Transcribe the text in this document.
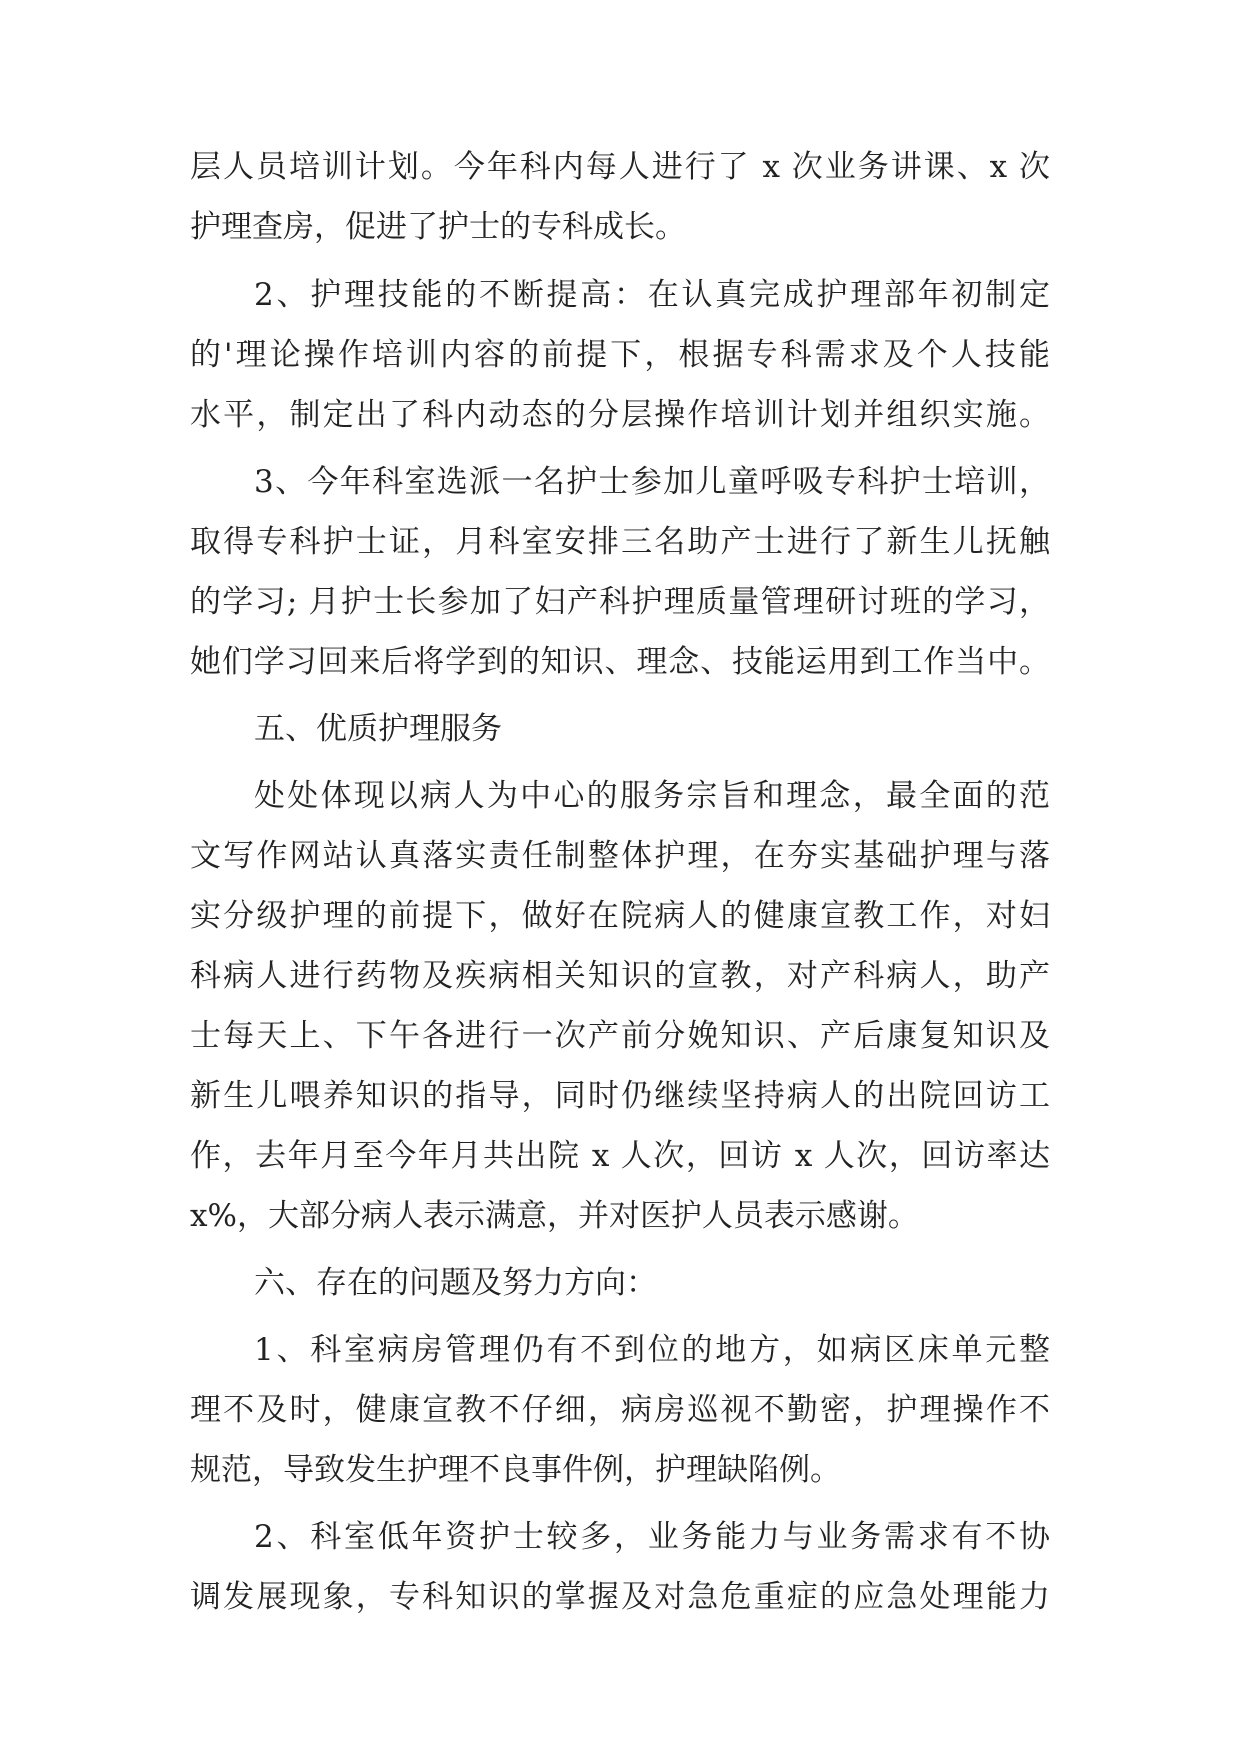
层人员培训计划。今年科内每人进行了 x 次业务讲课、x 次
护理查房，促进了护士的专科成长。
2、护理技能的不断提高：在认真完成护理部年初制定
的'理论操作培训内容的前提下，根据专科需求及个人技能
水平，制定出了科内动态的分层操作培训计划并组织实施。
3、今年科室选派一名护士参加儿童呼吸专科护士培训，
取得专科护士证，月科室安排三名助产士进行了新生儿抚触
的学习; 月护士长参加了妇产科护理质量管理研讨班的学习，
她们学习回来后将学到的知识、理念、技能运用到工作当中。
五、优质护理服务
处处体现以病人为中心的服务宗旨和理念，最全面的范
文写作网站认真落实责任制整体护理，在夯实基础护理与落
实分级护理的前提下，做好在院病人的健康宣教工作，对妇
科病人进行药物及疾病相关知识的宣教，对产科病人，助产
士每天上、下午各进行一次产前分娩知识、产后康复知识及
新生儿喂养知识的指导，同时仍继续坚持病人的出院回访工
作，去年月至今年月共出院 x 人次，回访 x 人次，回访率达
x%，大部分病人表示满意，并对医护人员表示感谢。
六、存在的问题及努力方向：
1、科室病房管理仍有不到位的地方，如病区床单元整
理不及时，健康宣教不仔细，病房巡视不勤密，护理操作不
规范，导致发生护理不良事件例，护理缺陷例。
2、科室低年资护士较多，业务能力与业务需求有不协
调发展现象，专科知识的掌握及对急危重症的应急处理能力
